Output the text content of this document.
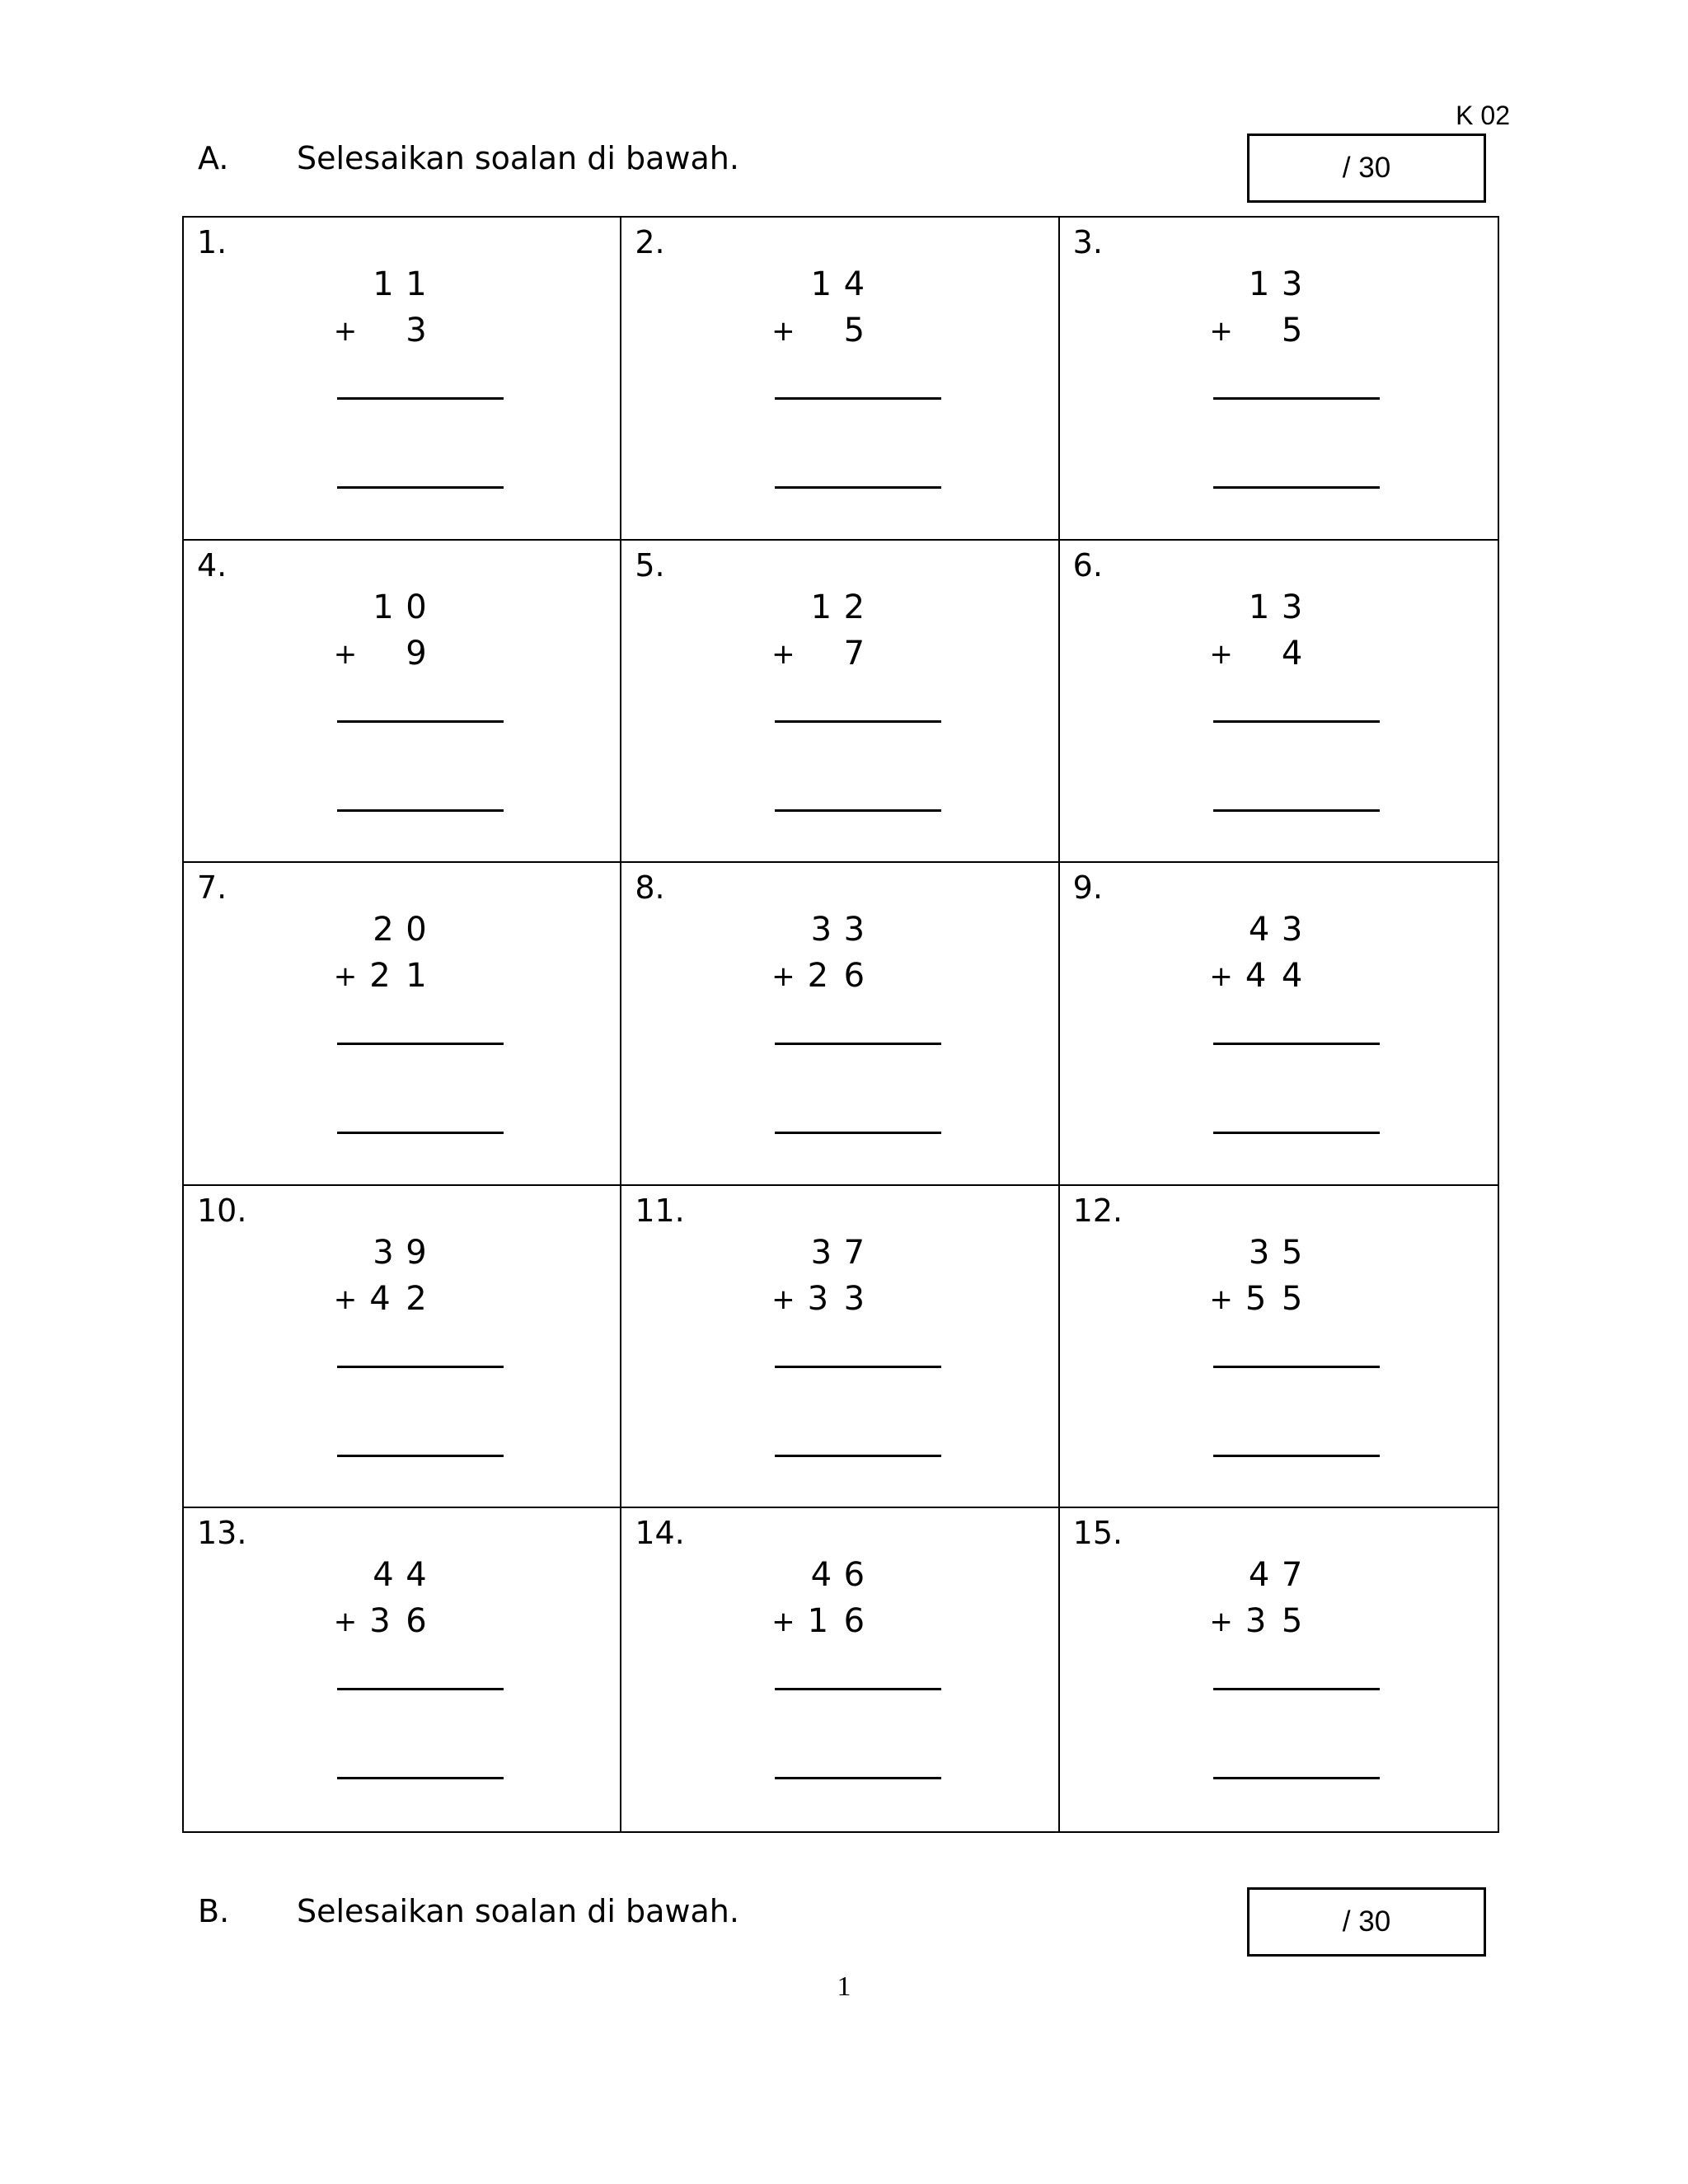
K 02
A. Selesaikan soalan di bawah.	/ 30
1.
1 1
+ 3
2.
1 4
+ 5
3.
1 3
+ 5
4.
1 0
+ 9
5.
1 2
+ 7
6.
1 3
+ 4
7.
2 0
+ 2 1
8.
3 3
+ 2 6
9.
4 3
+ 4 4
10.
3 9
+ 4 2
11.
3 7
+ 3 3
12.
3 5
+ 5 5
13.
4 4
+ 3 6
14.
4 6
+ 1 6
15.
4 7
+ 3 5
B. Selesaikan soalan di bawah.	/ 30
1
